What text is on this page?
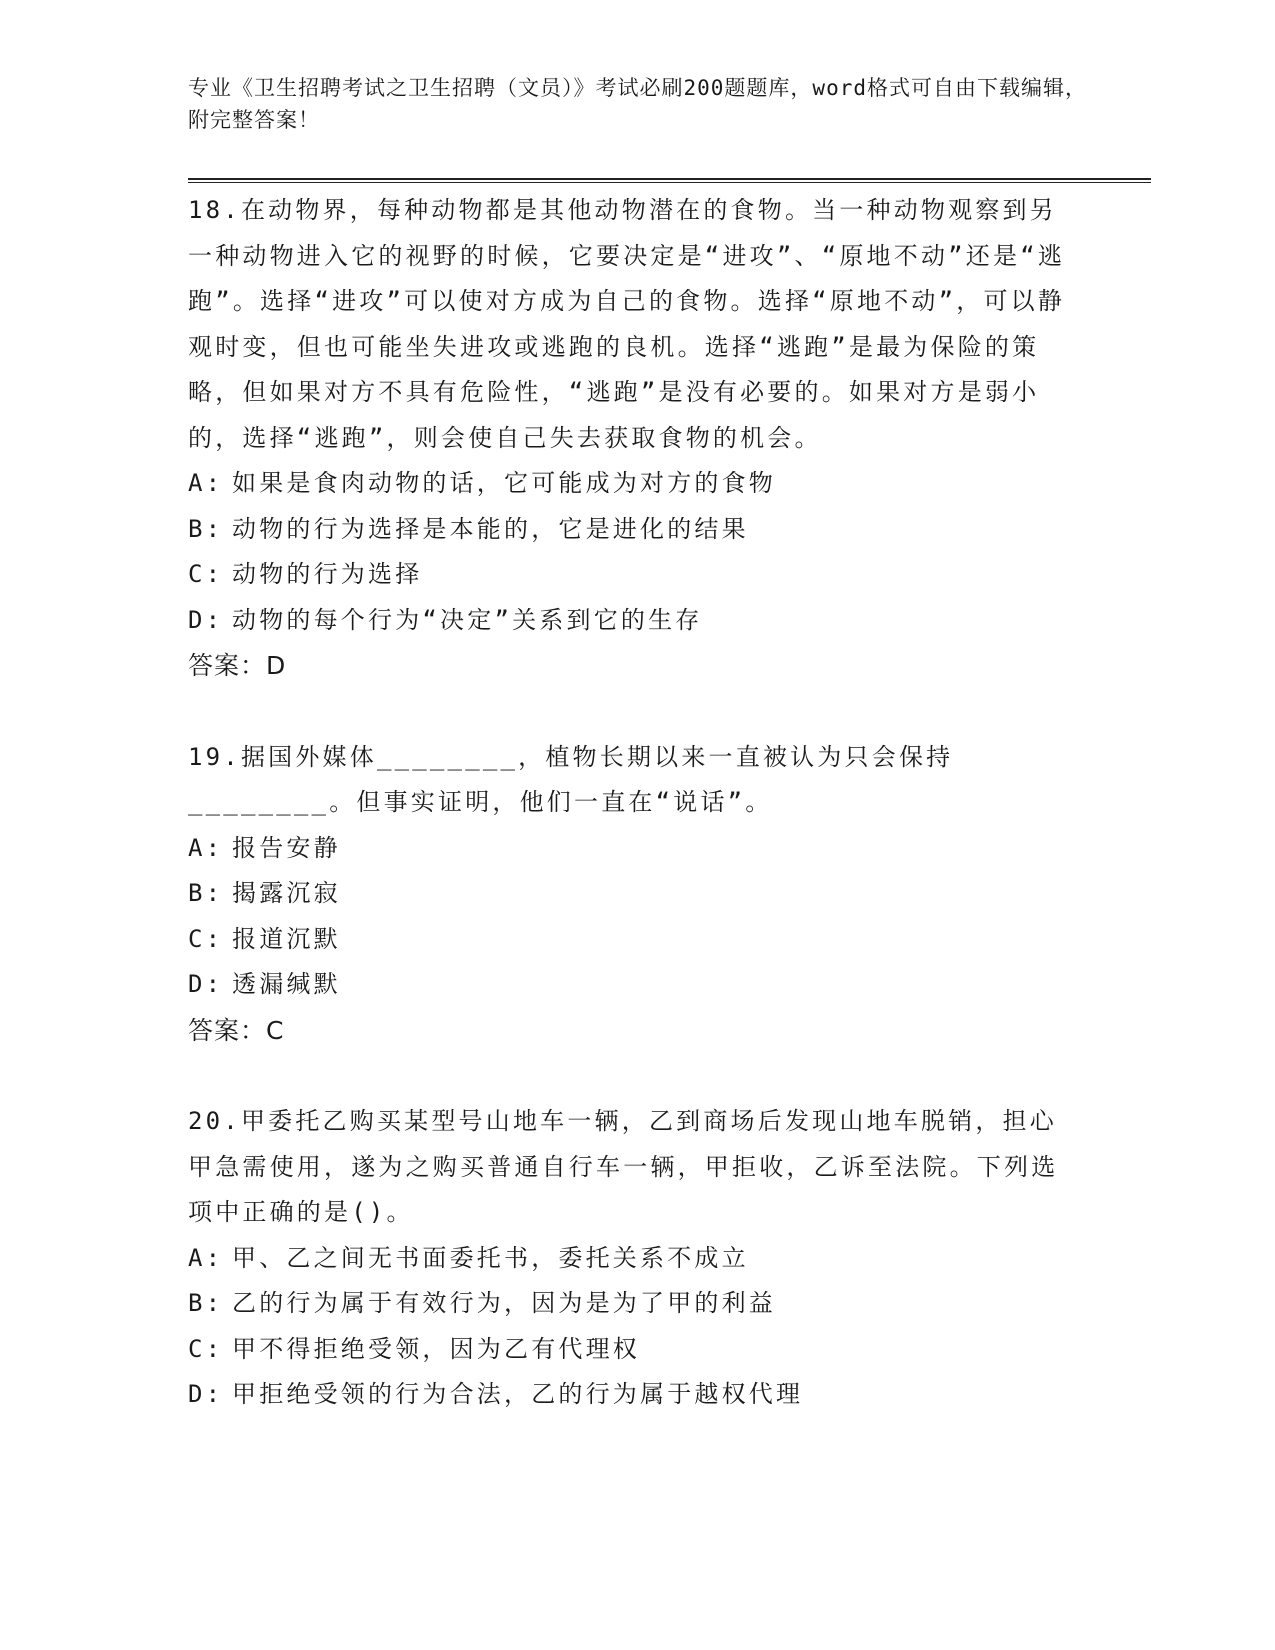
专业《卫生招聘考试之卫生招聘（文员）》考试必刷200题题库，word格式可自由下载编辑，附完整答案！

18.在动物界，每种动物都是其他动物潜在的食物。当一种动物观察到另一种动物进入它的视野的时候，它要决定是“进攻”、“原地不动”还是“逃跑”。选择“进攻”可以使对方成为自己的食物。选择“原地不动”，可以静观时变，但也可能坐失进攻或逃跑的良机。选择“逃跑”是最为保险的策略，但如果对方不具有危险性，“逃跑”是没有必要的。如果对方是弱小的，选择“逃跑”，则会使自己失去获取食物的机会。

A: 如果是食肉动物的话，它可能成为对方的食物

B: 动物的行为选择是本能的，它是进化的结果

C: 动物的行为选择

D: 动物的每个行为“决定”关系到它的生存

答案：D

19.据国外媒体________，植物长期以来一直被认为只会保持________。但事实证明，他们一直在“说话”。

A: 报告安静

B: 揭露沉寂

C: 报道沉默

D: 透漏缄默

答案：C

20.甲委托乙购买某型号山地车一辆，乙到商场后发现山地车脱销，担心甲急需使用，遂为之购买普通自行车一辆，甲拒收，乙诉至法院。下列选项中正确的是()。

A: 甲、乙之间无书面委托书，委托关系不成立

B: 乙的行为属于有效行为，因为是为了甲的利益

C: 甲不得拒绝受领，因为乙有代理权

D: 甲拒绝受领的行为合法，乙的行为属于越权代理
